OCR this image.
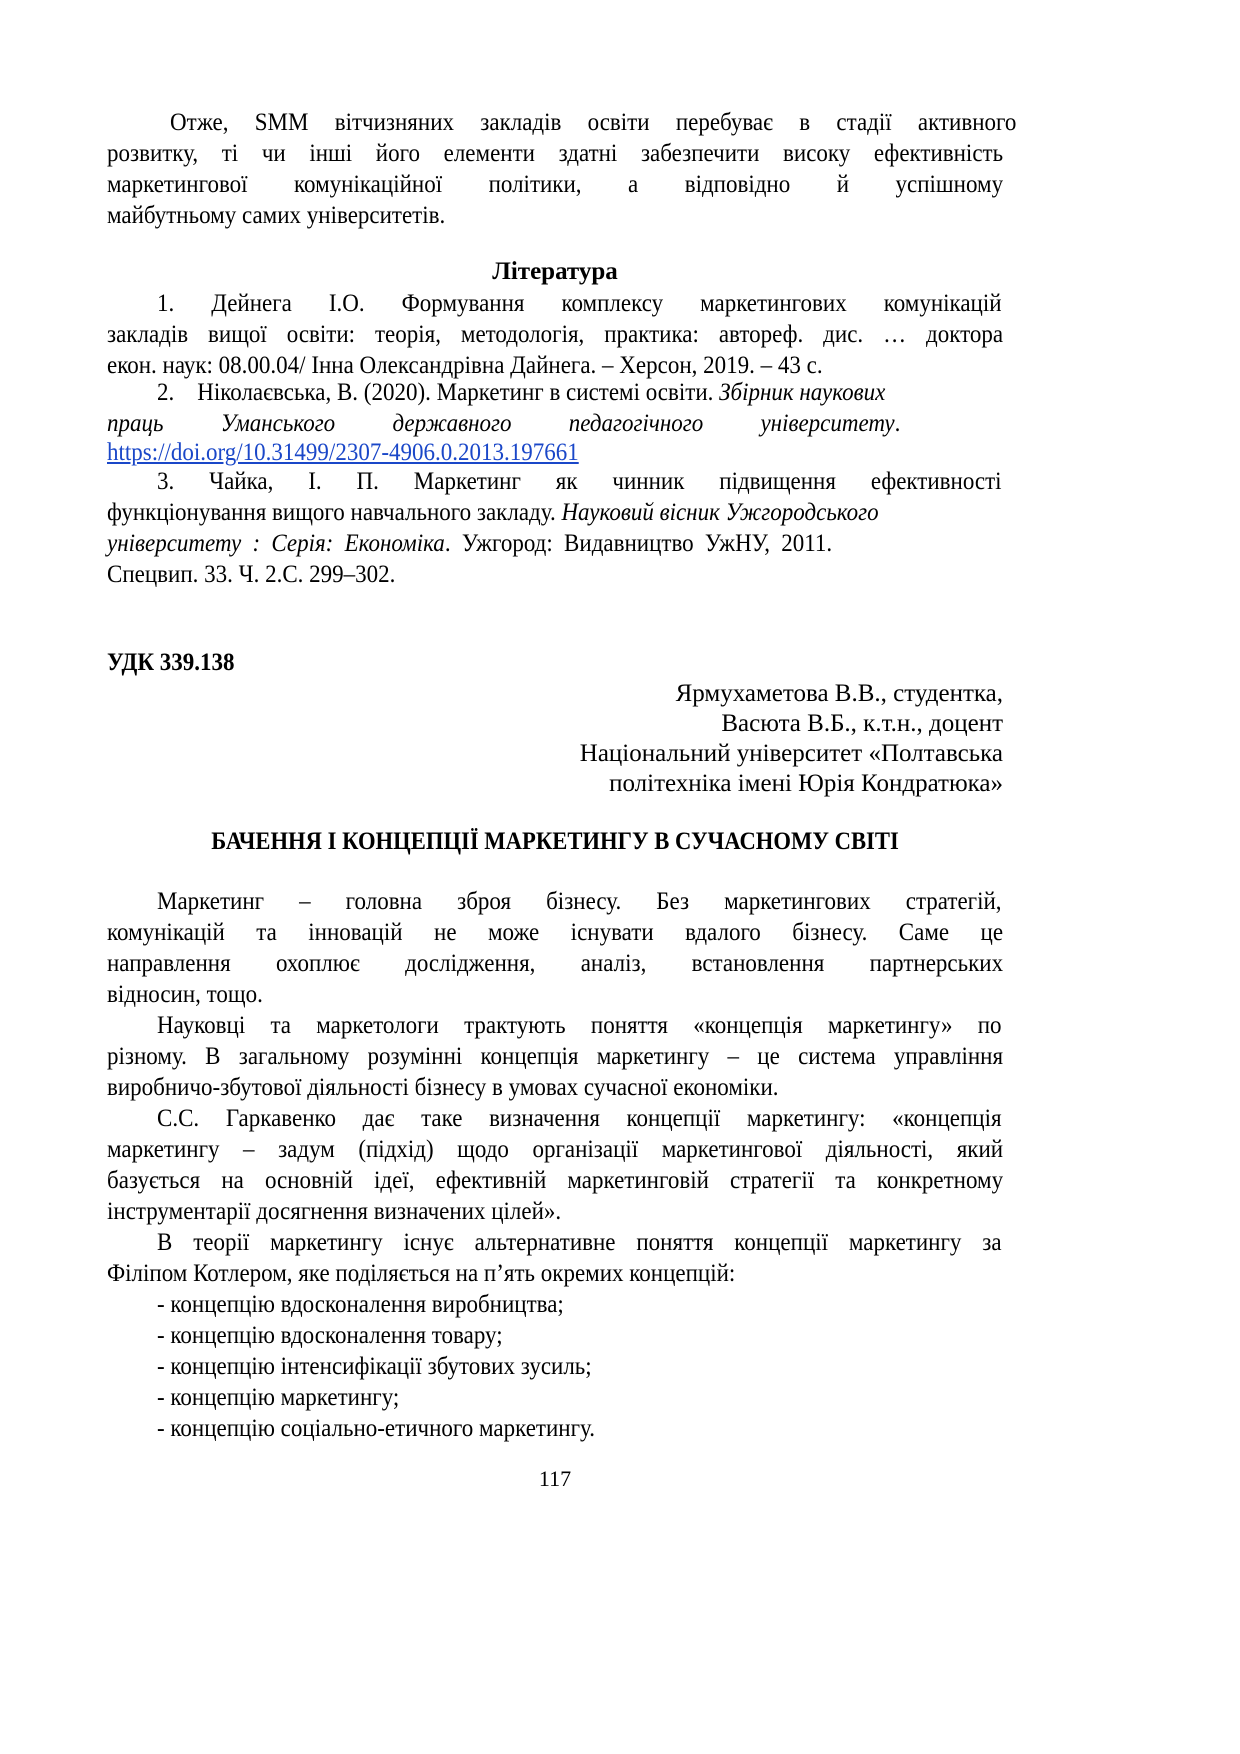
Отже, SMM вітчизняних закладів освіти перебуває в стадії активного
розвитку, ті чи інші його елементи здатні забезпечити високу ефективність
маркетингової комунікаційної політики, а відповідно й успішному
майбутньому самих університетів.
Література
1. Дейнега І.О. Формування комплексу маркетингових комунікацій
закладів вищої освіти: теорія, методологія, практика: автореф. дис. … доктора
екон. наук: 08.00.04/ Інна Олександрівна Дайнега. – Херсон, 2019. – 43 с.
2.    Ніколаєвська, В. (2020). Маркетинг в системі освіти. Збірник наукових
праць Уманського державного педагогічного університету.
https://doi.org/10.31499/2307-4906.0.2013.197661
3. Чайка, І. П. Маркетинг як чинник підвищення ефективності
функціонування вищого навчального закладу. Науковий вісник Ужгородського
університету : Серія: Економіка. Ужгород: Видавництво УжНУ, 2011.
Спецвип. 33. Ч. 2.С. 299–302.
УДК 339.138
Ярмухаметова В.В., студентка,
Васюта В.Б., к.т.н., доцент
Національний університет «Полтавська
політехніка імені Юрія Кондратюка»
БАЧЕННЯ І КОНЦЕПЦІЇ МАРКЕТИНГУ В СУЧАСНОМУ СВІТІ
Маркетинг – головна зброя бізнесу. Без маркетингових стратегій,
комунікацій та інновацій не може існувати вдалого бізнесу. Саме це
направлення охоплює дослідження, аналіз, встановлення партнерських
відносин, тощо.
Науковці та маркетологи трактують поняття «концепція маркетингу» по
різному. В загальному розумінні концепція маркетингу – це система управління
виробничо-збутової діяльності бізнесу в умовах сучасної економіки.
С.С. Гаркавенко дає таке визначення концепції маркетингу: «концепція
маркетингу – задум (підхід) щодо організації маркетингової діяльності, який
базується на основній ідеї, ефективній маркетинговій стратегії та конкретному
інструментарії досягнення визначених цілей».
В теорії маркетингу існує альтернативне поняття концепції маркетингу за
Філіпом Котлером, яке поділяється на п’ять окремих концепцій:
- концепцію вдосконалення виробництва;
- концепцію вдосконалення товару;
- концепцію інтенсифікації збутових зусиль;
- концепцію маркетингу;
- концепцію соціально-етичного маркетингу.
117
